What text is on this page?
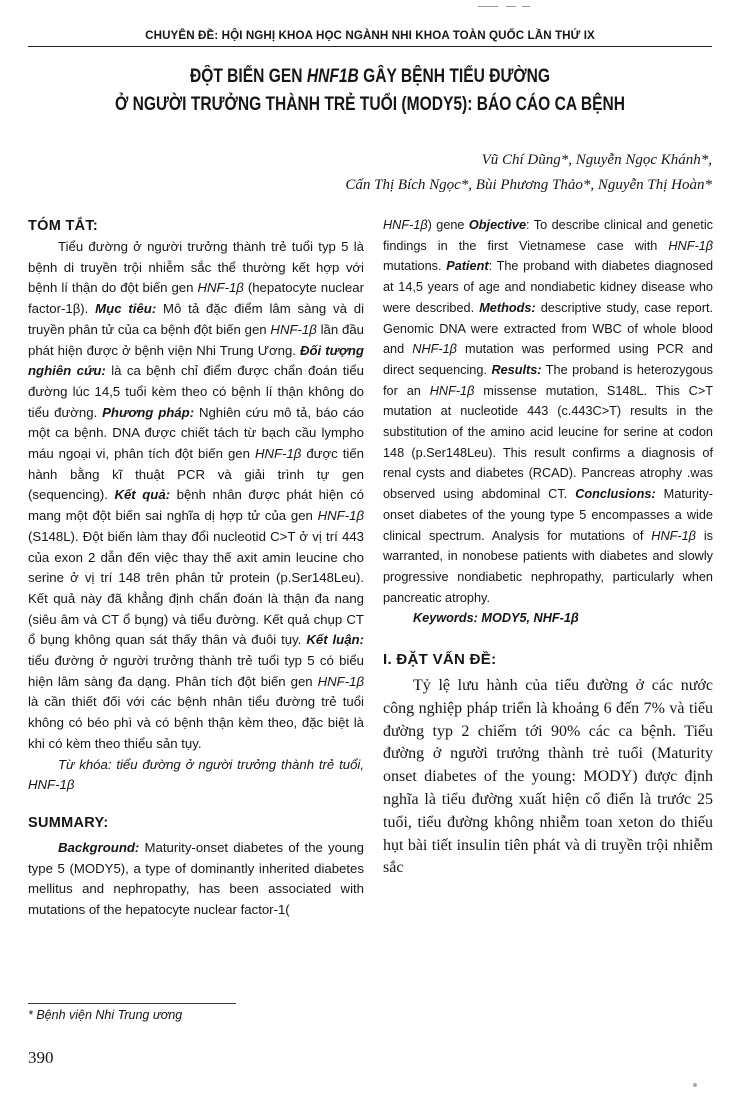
CHUYÊN ĐỀ: HỘI NGHỊ KHOA HỌC NGÀNH NHI KHOA TOÀN QUỐC LẦN THỨ IX

ĐỘT BIẾN GEN HNF1B GÂY BỆNH TIỂU ĐƯỜNG

Ở NGƯỜI TRƯỞNG THÀNH TRẺ TUỔI (MODY5): BÁO CÁO CA BỆNH

Vũ Chí Dũng*, Nguyễn Ngọc Khánh*,

Cấn Thị Bích Ngọc*, Bùi Phương Thảo*, Nguyễn Thị Hoàn*

TÓM TẮT:

Tiểu đường ở người trưởng thành trẻ tuổi typ 5 là bệnh di truyền trội nhiễm sắc thể thường kết hợp với bệnh lí thận do đột biến gen HNF-1β (hepatocyte nuclear factor-1β). Mục tiêu: Mô tả đặc điểm lâm sàng và di truyền phân tử của ca bệnh đột biến gen HNF-1β lần đầu phát hiện được ở bệnh viện Nhi Trung Ương. Đối tượng nghiên cứu: là ca bệnh chỉ điểm được chẩn đoán tiểu đường lúc 14,5 tuổi kèm theo có bệnh lí thận không do tiểu đường. Phương pháp: Nghiên cứu mô tả, báo cáo một ca bệnh. DNA được chiết tách từ bạch cầu lympho máu ngoại vi, phân tích đột biến gen HNF-1β được tiến hành bằng kĩ thuật PCR và giải trình tự gen (sequencing). Kết quả: bệnh nhân được phát hiện có mang một đột biến sai nghĩa dị hợp tử của gen HNF-1β (S148L). Đột biến làm thay đổi nucleotid C>T ở vị trí 443 của exon 2 dẫn đến việc thay thế axit amin leucine cho serine ở vị trí 148 trên phân tử protein (p.Ser148Leu). Kết quả này đã khẳng định chẩn đoán là thận đa nang (siêu âm và CT ổ bụng) và tiểu đường. Kết quả chụp CT ổ bụng không quan sát thấy thân và đuôi tụy. Kết luận: tiểu đường ở người trưởng thành trẻ tuổi typ 5 có biểu hiện lâm sàng đa dạng. Phân tích đột biến gen HNF-1β là cần thiết đối với các bệnh nhân tiểu đường trẻ tuổi không có béo phì và có bệnh thận kèm theo, đặc biệt là khi có kèm theo thiểu sản tụy.

Từ khóa: tiểu đường ở người trưởng thành trẻ tuổi, HNF-1β

SUMMARY:

Background: Maturity-onset diabetes of the young type 5 (MODY5), a type of dominantly inherited diabetes mellitus and nephropathy, has been associated with mutations of the hepatocyte nuclear factor-1(

HNF-1β) gene Objective: To describe clinical and genetic findings in the first Vietnamese case with HNF-1β mutations. Patient: The proband with diabetes diagnosed at 14,5 years of age and nondiabetic kidney disease who were described. Methods: descriptive study, case report. Genomic DNA were extracted from WBC of whole blood and NHF-1β mutation was performed using PCR and direct sequencing. Results: The proband is heterozygous for an HNF-1β missense mutation, S148L. This C>T mutation at nucleotide 443 (c.443C>T) results in the substitution of the amino acid leucine for serine at codon 148 (p.Ser148Leu). This result confirms a diagnosis of renal cysts and diabetes (RCAD). Pancreas atrophy .was observed using abdominal CT. Conclusions: Maturity-onset diabetes of the young type 5 encompasses a wide clinical spectrum. Analysis for mutations of HNF-1β is warranted, in nonobese patients with diabetes and slowly progressive nondiabetic nephropathy, particularly when pancreatic atrophy.

Keywords: MODY5, NHF-1β

I. ĐẶT VẤN ĐỀ:

Tỷ lệ lưu hành của tiểu đường ở các nước công nghiệp pháp triển là khoảng 6 đến 7% và tiểu đường typ 2 chiếm tới 90% các ca bệnh. Tiểu đường ở người trưởng thành trẻ tuổi (Maturity onset diabetes of the young: MODY) được định nghĩa là tiểu đường xuất hiện cổ điển là trước 25 tuổi, tiểu đường không nhiễm toan xeton do thiếu hụt bài tiết insulin tiên phát và di truyền trội nhiễm sắc

* Bệnh viện Nhi Trung ương
390
